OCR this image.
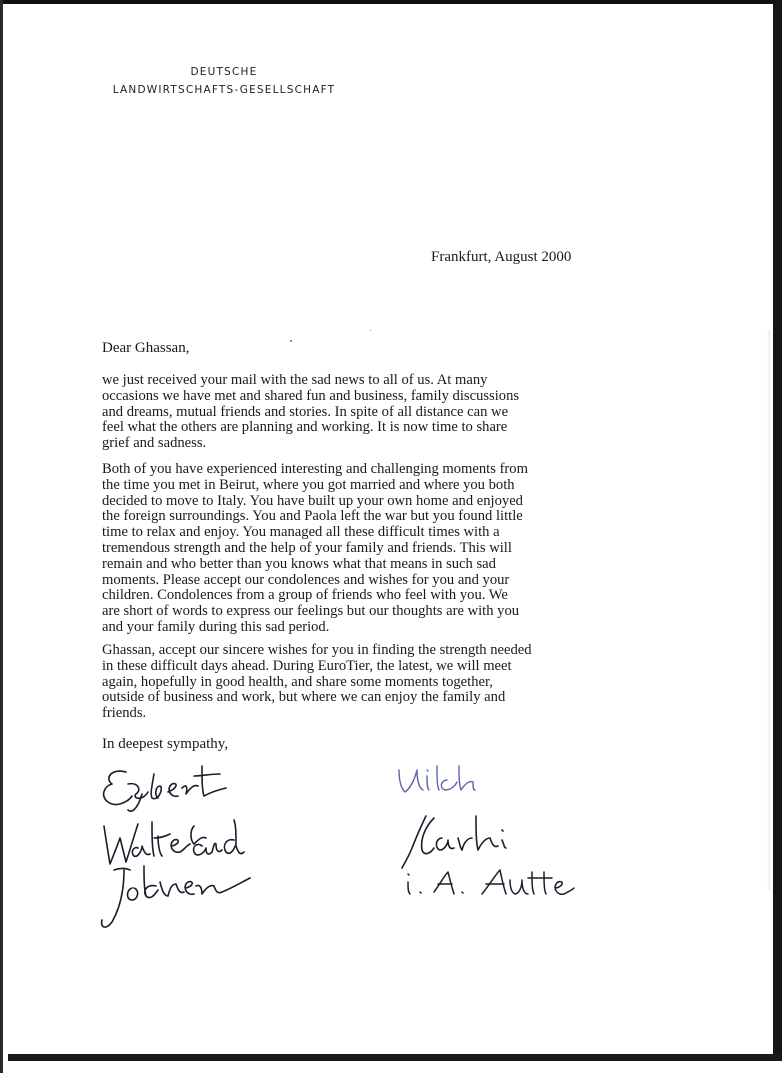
DEUTSCHE
LANDWIRTSCHAFTS-GESELLSCHAFT
Frankfurt, August 2000
Dear Ghassan,
we just received your mail with the sad news to all of us. At many
occasions we have met and shared fun and business, family discussions
and dreams, mutual friends and stories. In spite of all distance can we
feel what the others are planning and working. It is now time to share
grief and sadness.
Both of you have experienced interesting and challenging moments from
the time you met in Beirut, where you got married and where you both
decided to move to Italy. You have built up your own home and enjoyed
the foreign surroundings. You and Paola left the war but you found little
time to relax and enjoy. You managed all these difficult times with a
tremendous strength and the help of your family and friends. This will
remain and who better than you knows what that means in such sad
moments. Please accept our condolences and wishes for you and your
children. Condolences from a group of friends who feel with you. We
are short of words to express our feelings but our thoughts are with you
and your family during this sad period.
Ghassan, accept our sincere wishes for you in finding the strength needed
in these difficult days ahead. During EuroTier, the latest, we will meet
again, hopefully in good health, and share some moments together,
outside of business and work, but where we can enjoy the family and
friends.
In deepest sympathy,
